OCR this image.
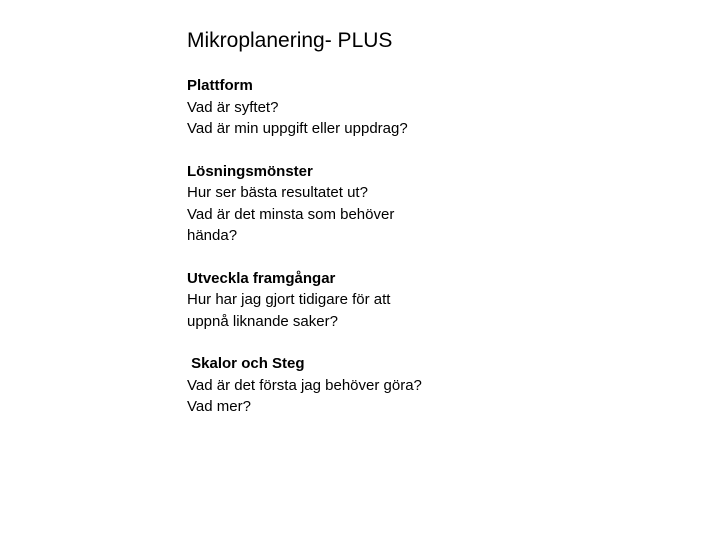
Mikroplanering- PLUS
Plattform
Vad är syftet?
Vad är min uppgift eller uppdrag?
Lösningsmönster
Hur ser bästa resultatet ut?
Vad är det minsta som behöver
hända?
Utveckla framgångar
Hur har jag gjort tidigare för att
uppnå liknande saker?
Skalor och Steg
Vad är det första jag behöver göra?
Vad mer?
